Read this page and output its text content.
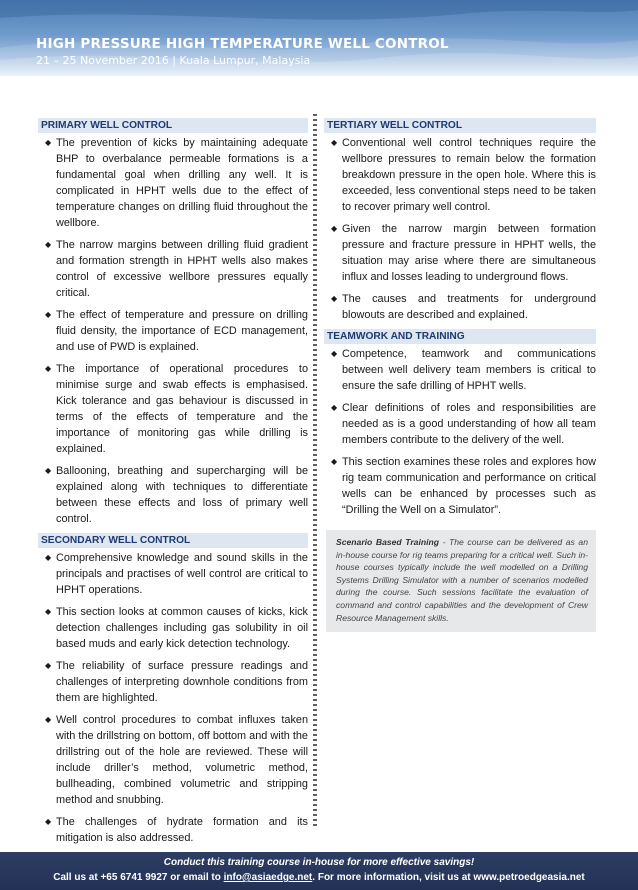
HIGH PRESSURE HIGH TEMPERATURE WELL CONTROL
21 – 25 November 2016 | Kuala Lumpur, Malaysia
PRIMARY WELL CONTROL
◆ The prevention of kicks by maintaining adequate BHP to overbalance permeable formations is a fundamental goal when drilling any well. It is complicated in HPHT wells due to the effect of temperature changes on drilling fluid throughout the wellbore.
◆ The narrow margins between drilling fluid gradient and formation strength in HPHT wells also makes control of excessive wellbore pressures equally critical.
◆ The effect of temperature and pressure on drilling fluid density, the importance of ECD management, and use of PWD is explained.
◆ The importance of operational procedures to minimise surge and swab effects is emphasised. Kick tolerance and gas behaviour is discussed in terms of the effects of temperature and the importance of monitoring gas while drilling is explained.
◆ Ballooning, breathing and supercharging will be explained along with techniques to differentiate between these effects and loss of primary well control.
SECONDARY WELL CONTROL
◆ Comprehensive knowledge and sound skills in the principals and practises of well control are critical to HPHT operations.
◆ This section looks at common causes of kicks, kick detection challenges including gas solubility in oil based muds and early kick detection technology.
◆ The reliability of surface pressure readings and challenges of interpreting downhole conditions from them are highlighted.
◆ Well control procedures to combat influxes taken with the drillstring on bottom, off bottom and with the drillstring out of the hole are reviewed. These will include driller’s method, volumetric method, bullheading, combined volumetric and stripping method and snubbing.
◆ The challenges of hydrate formation and its mitigation is also addressed.
TERTIARY WELL CONTROL
◆ Conventional well control techniques require the wellbore pressures to remain below the formation breakdown pressure in the open hole. Where this is exceeded, less conventional steps need to be taken to recover primary well control.
◆ Given the narrow margin between formation pressure and fracture pressure in HPHT wells, the situation may arise where there are simultaneous influx and losses leading to underground flows.
◆ The causes and treatments for underground blowouts are described and explained.
TEAMWORK AND TRAINING
◆ Competence, teamwork and communications between well delivery team members is critical to ensure the safe drilling of HPHT wells.
◆ Clear definitions of roles and responsibilities are needed as is a good understanding of how all team members contribute to the delivery of the well.
◆ This section examines these roles and explores how rig team communication and performance on critical wells can be enhanced by processes such as “Drilling the Well on a Simulator”.
Scenario Based Training - The course can be delivered as an in-house course for rig teams preparing for a critical well. Such in-house courses typically include the well modelled on a Drilling Systems Drilling Simulator with a number of scenarios modelled during the course. Such sessions facilitate the evaluation of command and control capabilities and the development of Crew Resource Management skills.
Conduct this training course in-house for more effective savings!
Call us at +65 6741 9927 or email to info@asiaedge.net. For more information, visit us at www.petroedgeasia.net
